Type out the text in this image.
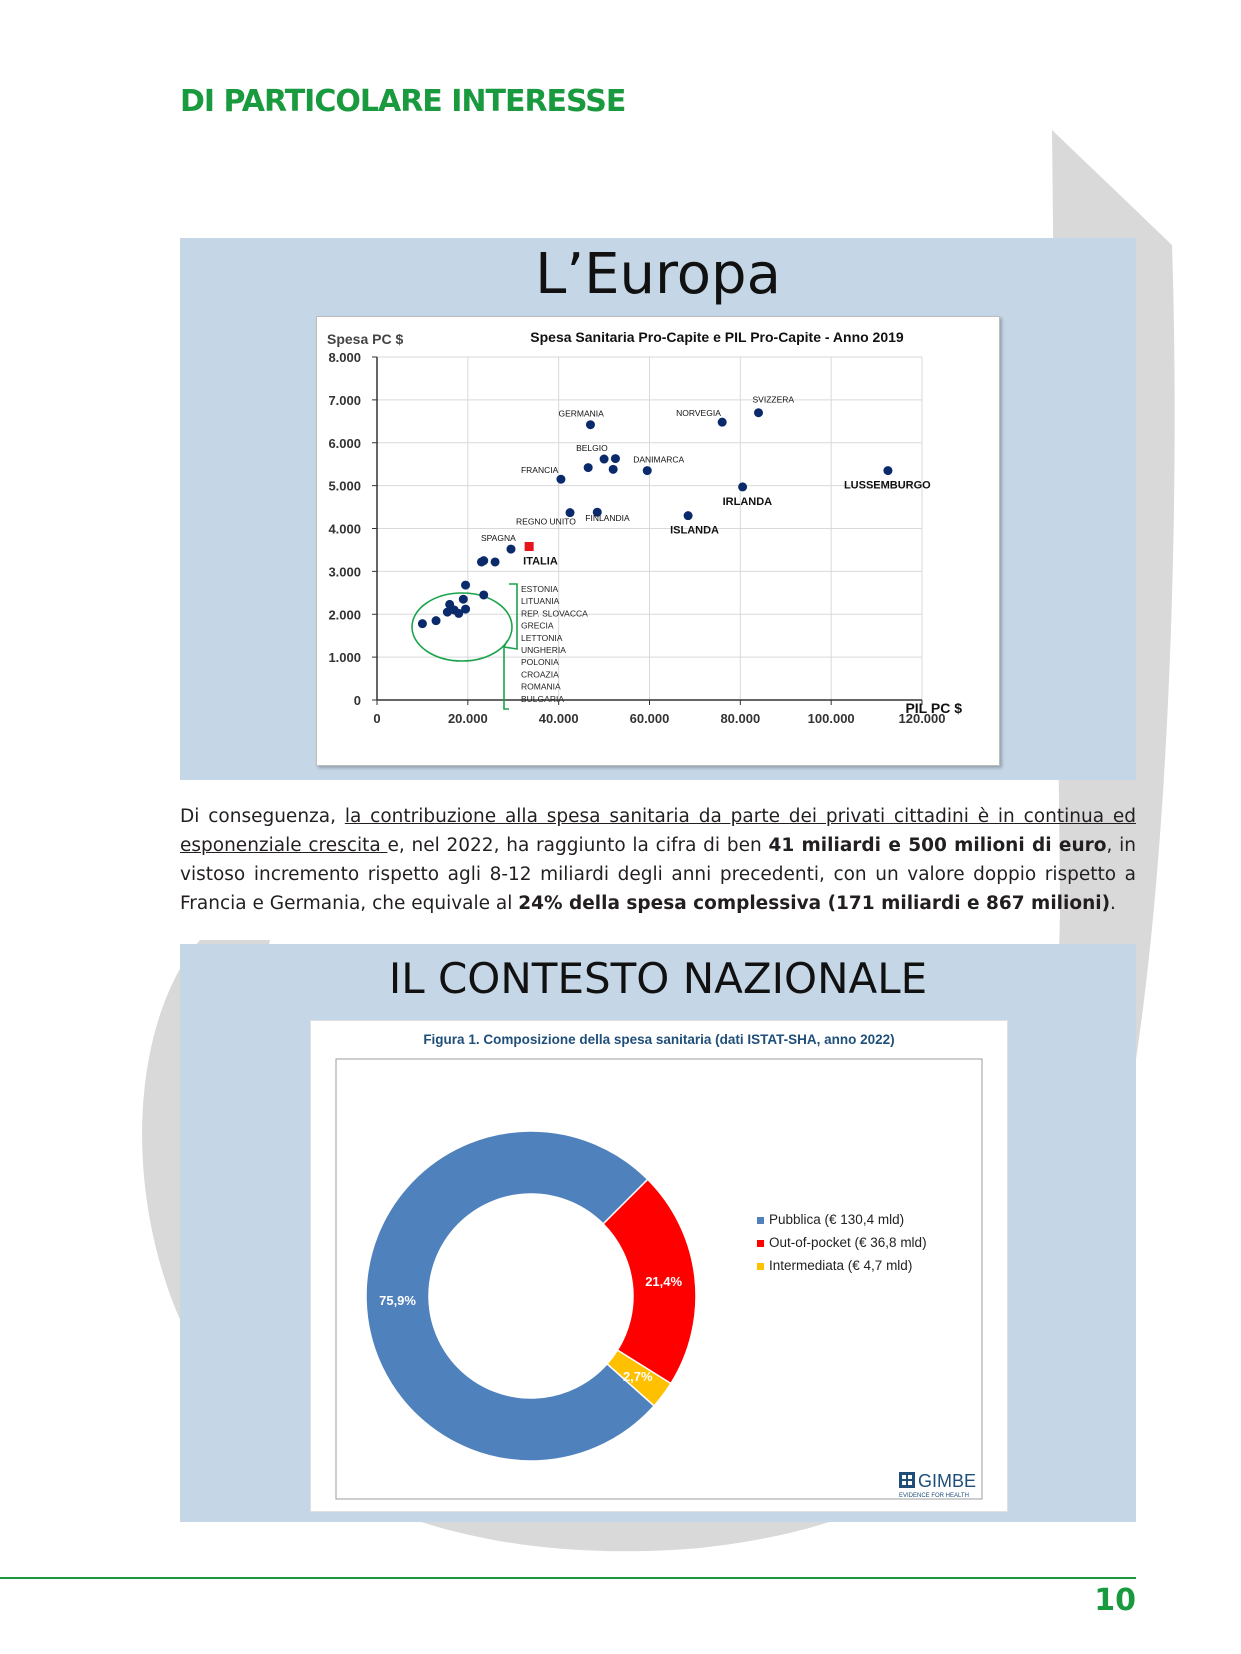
DI PARTICOLARE INTERESSE
L’Europa
Spesa Sanitaria Pro-Capite e PIL Pro-Capite - Anno 2019
Spesa PC $
PIL PC $
0	20.000	40.000	60.000	80.000	100.000	120.000
0
1.000
2.000
3.000
4.000
5.000
6.000
7.000
8.000
ESTONIA
LITUANIA
REP. SLOVACCA
GRECIA
LETTONIA
UNGHERIA
POLONIA
CROAZIA
ROMANIA
BULGARIA
SVIZZERA
NORVEGIA
GERMANIA
LUSSEMBURGO
BELGIO
DANIMARCA
FRANCIA
IRLANDA
REGNO UNITO FINLANDIA
ISLANDA
SPAGNA
ITALIA

Di conseguenza, la contribuzione alla spesa sanitaria da parte dei privati cittadini è in continua ed esponenziale crescita e, nel 2022, ha raggiunto la cifra di ben 41 miliardi e 500 milioni di euro, in vistoso incremento rispetto agli 8-12 miliardi degli anni precedenti, con un valore doppio rispetto a Francia e Germania, che equivale al 24% della spesa complessiva (171 miliardi e 867 milioni).

IL CONTESTO NAZIONALE
Figura 1. Composizione della spesa sanitaria (dati ISTAT-SHA, anno 2022)
21,4%
2,7%
75,9%
Pubblica (€ 130,4 mld)
Out-of-pocket (€ 36,8 mld)
Intermediata (€ 4,7 mld)
GIMBE
EVIDENCE FOR HEALTH
10
